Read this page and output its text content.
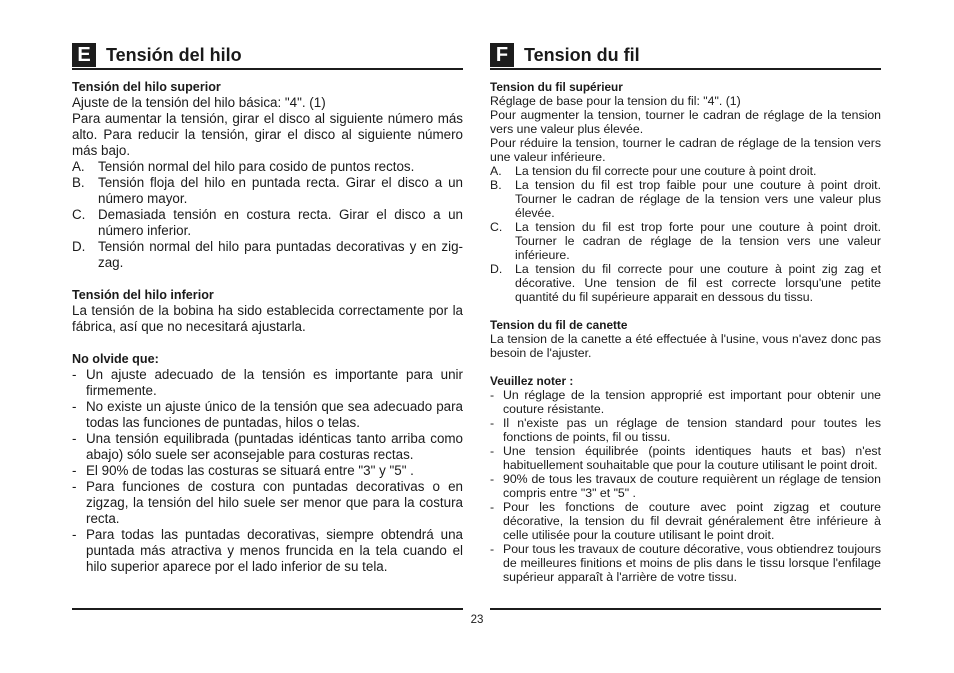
E Tensión del hilo

Tensión del hilo superior

Ajuste de la tensión del hilo básica: "4". (1)

Para aumentar la tensión, girar el disco al siguiente número más alto. Para reducir la tensión, girar el disco al siguiente número más bajo.

A. Tensión normal del hilo para cosido de puntos rectos.
B. Tensión floja del hilo en puntada recta. Girar el disco a un número mayor.
C. Demasiada tensión en costura recta. Girar el disco a un número inferior.
D. Tensión normal del hilo para puntadas decorativas y en zig-zag.

Tensión del hilo inferior

La tensión de la bobina ha sido establecida correctamente por la fábrica, así que no necesitará ajustarla.

No olvide que:

- Un ajuste adecuado de la tensión es importante para unir firmemente.
- No existe un ajuste único de la tensión que sea adecuado para todas las funciones de puntadas, hilos o telas.
- Una tensión equilibrada (puntadas idénticas tanto arriba como abajo) sólo suele ser aconsejable para costuras rectas.
- El 90% de todas las costuras se situará entre "3" y "5" .
- Para funciones de costura con puntadas decorativas o en zigzag, la tensión del hilo suele ser menor que para la costura recta.
- Para todas las puntadas decorativas, siempre obtendrá una puntada más atractiva y menos fruncida en la tela cuando el hilo superior aparece por el lado inferior de su tela.
F Tension du fil

Tension du fil supérieur

Réglage de base pour la tension du fil: "4". (1)

Pour augmenter la tension, tourner le cadran de réglage de la tension vers une valeur plus élevée.

Pour réduire la tension, tourner le cadran de réglage de la tension vers une valeur inférieure.

A.	La tension du fil correcte pour une couture à point droit.
B.	La tension du fil est trop faible pour une couture à point droit. Tourner le cadran de réglage de la tension vers une valeur plus élevée.
C.	La tension du fil est trop forte pour une couture à point droit. Tourner le cadran de réglage de la tension vers une valeur inférieure.
D.	La tension du fil correcte pour une couture à point zig zag et décorative. Une tension de fil est correcte lorsqu'une petite quantité du fil supérieure apparait en dessous du tissu.

Tension du fil de canette

La tension de la canette a été effectuée à l'usine, vous n'avez donc pas besoin de l'ajuster.

Veuillez noter :

- Un réglage de la tension approprié est important pour obtenir une couture résistante.
- Il n'existe pas un réglage de tension standard pour toutes les fonctions de points, fil ou tissu.
- Une tension équilibrée (points identiques hauts et bas) n'est habituellement souhaitable que pour la couture utilisant le point droit.
- 90% de tous les travaux de couture requièrent un réglage de tension compris entre "3" et "5" .
- Pour les fonctions de couture avec point zigzag et couture décorative, la tension du fil devrait généralement être inférieure à celle utilisée pour la couture utilisant le point droit.
- Pour tous les travaux de couture décorative, vous obtiendrez toujours de meilleures finitions et moins de plis dans le tissu lorsque l'enfilage supérieur apparaît à l'arrière de votre tissu.
23
